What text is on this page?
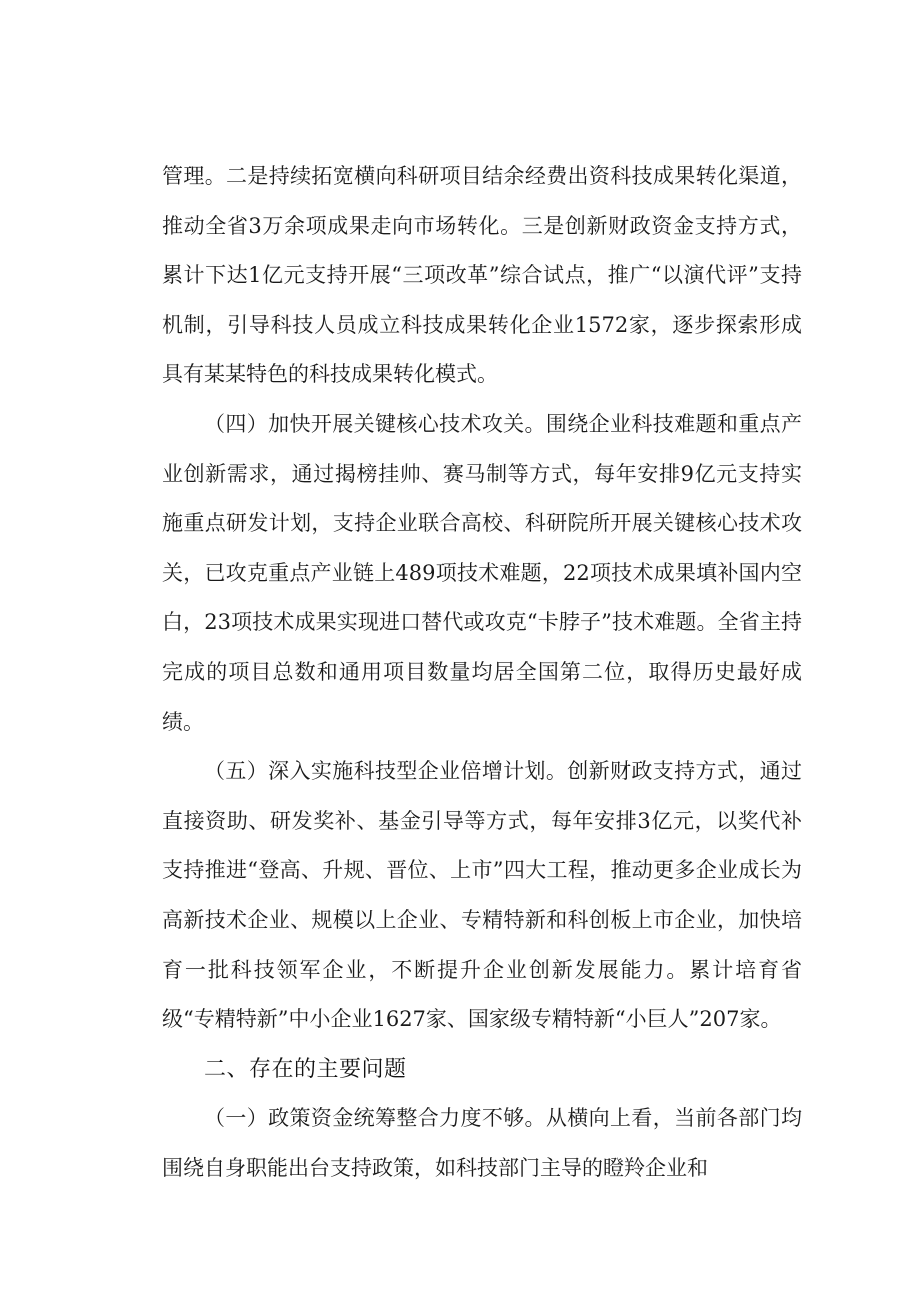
管理。二是持续拓宽横向科研项目结余经费出资科技成果转化渠道，推动全省3万余项成果走向市场转化。三是创新财政资金支持方式，累计下达1亿元支持开展“三项改革”综合试点，推广“以演代评”支持机制，引导科技人员成立科技成果转化企业1572家，逐步探索形成具有某某特色的科技成果转化模式。

（四）加快开展关键核心技术攻关。围绕企业科技难题和重点产业创新需求，通过揭榜挂帅、赛马制等方式，每年安排9亿元支持实施重点研发计划，支持企业联合高校、科研院所开展关键核心技术攻关，已攻克重点产业链上489项技术难题，22项技术成果填补国内空白，23项技术成果实现进口替代或攻克“卡脖子”技术难题。全省主持完成的项目总数和通用项目数量均居全国第二位，取得历史最好成绩。

（五）深入实施科技型企业倍增计划。创新财政支持方式，通过直接资助、研发奖补、基金引导等方式，每年安排3亿元，以奖代补支持推进“登高、升规、晋位、上市”四大工程，推动更多企业成长为高新技术企业、规模以上企业、专精特新和科创板上市企业，加快培育一批科技领军企业，不断提升企业创新发展能力。累计培育省级“专精特新”中小企业1627家、国家级专精特新“小巨人”207家。

二、存在的主要问题

（一）政策资金统筹整合力度不够。从横向上看，当前各部门均围绕自身职能出台支持政策，如科技部门主导的瞪羚企业和
